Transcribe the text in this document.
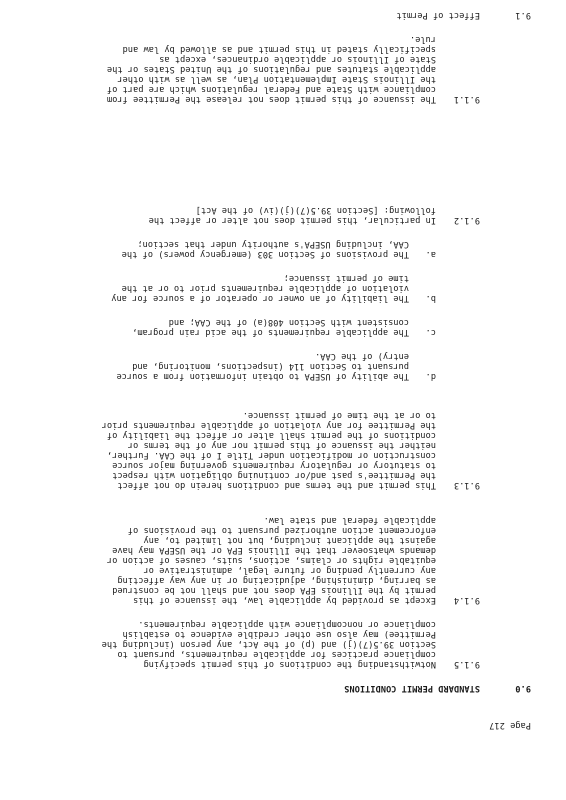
Page 217
9.0
STANDARD PERMIT CONDITIONS
9.1
Effect of Permit
9.1.1
The issuance of this permit does not release the Permittee from
compliance with State and Federal regulations which are part of
the Illinois State Implementation Plan, as well as with other
applicable statutes and regulations of the United States or the
State of Illinois or applicable ordinances, except as
specifically stated in this permit and as allowed by law and
rule.
9.1.2
In particular, this permit does not alter or affect the
following: [Section 39.5(7)(j)(iv) of the Act]
a.
The provisions of Section 303 (emergency powers) of the
CAA, including USEPA's authority under that section;
b.
The liability of an owner or operator of a source for any
violation of applicable requirements prior to or at the
time of permit issuance;
c.
The applicable requirements of the acid rain program,
consistent with Section 408(a) of the CAA; and
d.
The ability of USEPA to obtain information from a source
pursuant to Section 114 (inspections, monitoring, and
entry) of the CAA.
9.1.3
This permit and the terms and conditions herein do not affect
the Permittee's past and/or continuing obligation with respect
to statutory or regulatory requirements governing major source
construction or modification under Title I of the CAA. Further,
neither the issuance of this permit nor any of the terms or
conditions of the permit shall alter or affect the liability of
the Permittee for any violation of applicable requirements prior
to or at the time of permit issuance.
9.1.4
Except as provided by applicable law, the issuance of this
permit by the Illinois EPA does not and shall not be construed
as barring, diminishing, adjudicating or in any way affecting
any currently pending or future legal, administrative or
equitable rights or claims, actions, suits, causes of action or
demands whatsoever that the Illinois EPA or the USEPA may have
against the applicant including, but not limited to, any
enforcement action authorized pursuant to the provisions of
applicable federal and state law.
9.1.5
Notwithstanding the conditions of this permit specifying
compliance practices for applicable requirements, pursuant to
Section 39.5(7)(j) and (p) of the Act, any person (including the
Permittee) may also use other credible evidence to establish
compliance or noncompliance with applicable requirements.
